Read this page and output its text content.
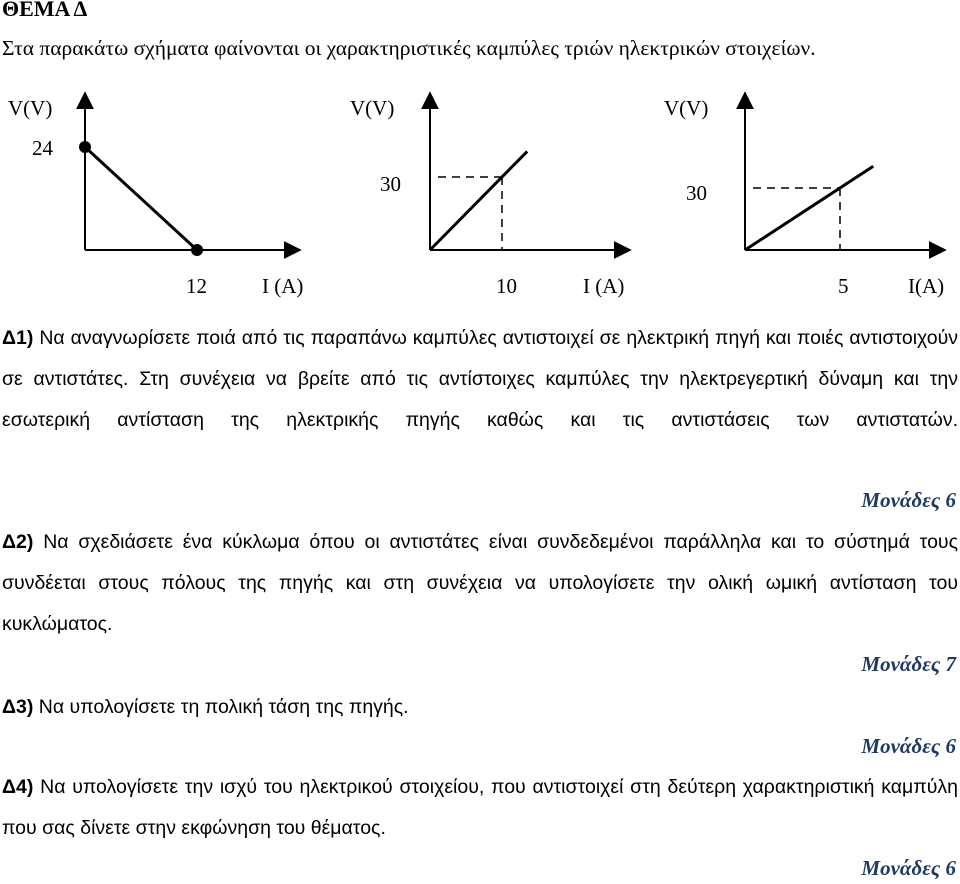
ΘΕΜΑ Δ
Στα παρακάτω σχήματα φαίνονται οι χαρακτηριστικές καμπύλες τριών ηλεκτρικών στοιχείων.
V(V)
24
12	I (A)
V(V)
30
10	I (A)
V(V)
30
5	I(A)
Δ1) Να αναγνωρίσετε ποιά από τις παραπάνω καμπύλες αντιστοιχεί σε ηλεκτρική πηγή και ποιές αντιστοιχούν σε αντιστάτες. Στη συνέχεια να βρείτε από τις αντίστοιχες καμπύλες την ηλεκτρεγερτική δύναμη και την εσωτερική αντίσταση της ηλεκτρικής πηγής καθώς και τις αντιστάσεις των αντιστατών.
Μονάδες 6
Δ2) Να σχεδιάσετε ένα κύκλωμα όπου οι αντιστάτες είναι συνδεδεμένοι παράλληλα και το σύστημά τους συνδέεται στους πόλους της πηγής και στη συνέχεια να υπολογίσετε την ολική ωμική αντίσταση του κυκλώματος.
Μονάδες 7
Δ3) Να υπολογίσετε τη πολική τάση της πηγής.
Μονάδες 6
Δ4) Να υπολογίσετε την ισχύ του ηλεκτρικού στοιχείου, που αντιστοιχεί στη δεύτερη χαρακτηριστική καμπύλη που σας δίνετε στην εκφώνηση του θέματος.
Μονάδες 6
